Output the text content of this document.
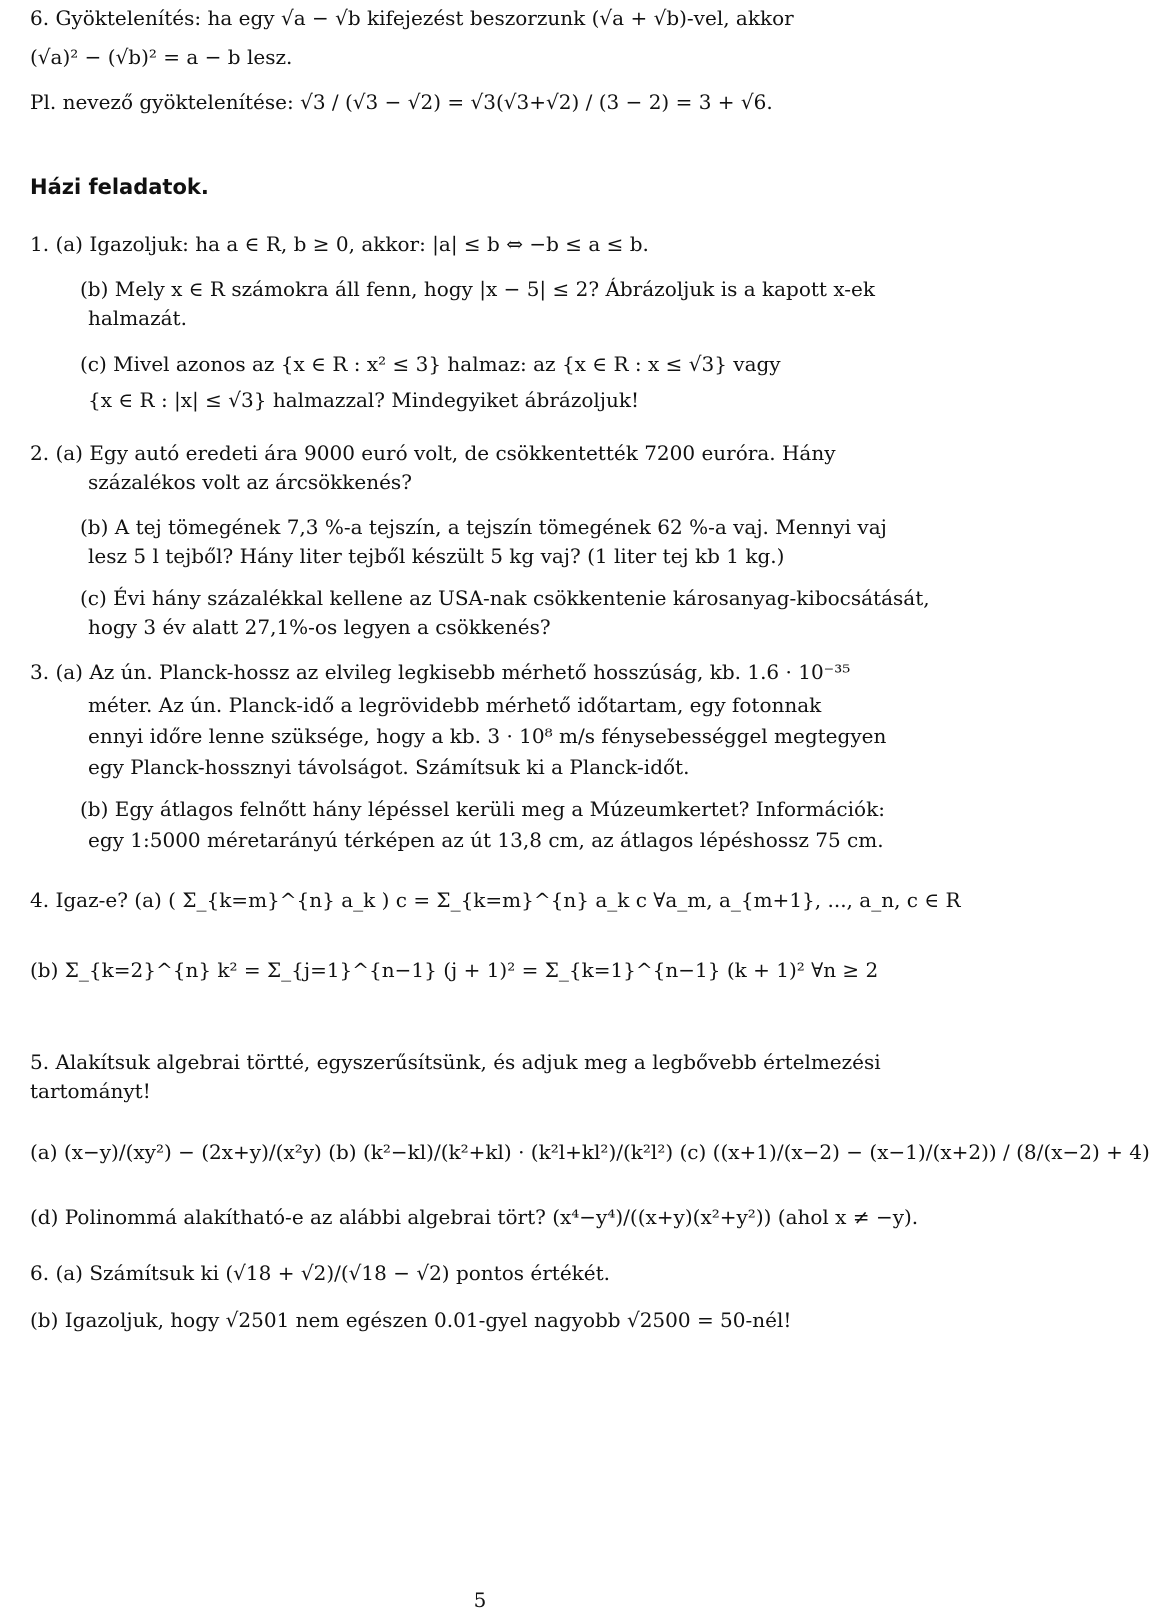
6. Gyöktelenítés: ha egy √a − √b kifejezést beszorzunk (√a + √b)-vel, akkor
(√a)² − (√b)² = a − b lesz.
Pl. nevező gyöktelenítése: √3 / (√3 − √2) = √3(√3+√2) / (3 − 2) = 3 + √6.
Házi feladatok.
1. (a) Igazoljuk: ha a ∈ R, b ≥ 0, akkor: |a| ≤ b ⇔ −b ≤ a ≤ b.
(b) Mely x ∈ R számokra áll fenn, hogy |x − 5| ≤ 2? Ábrázoljuk is a kapott x-ek
halmazát.
(c) Mivel azonos az {x ∈ R : x² ≤ 3} halmaz: az {x ∈ R : x ≤ √3} vagy
{x ∈ R : |x| ≤ √3} halmazzal? Mindegyiket ábrázoljuk!
2. (a) Egy autó eredeti ára 9000 euró volt, de csökkentették 7200 euróra. Hány
százalékos volt az árcsökkenés?
(b) A tej tömegének 7,3 %-a tejszín, a tejszín tömegének 62 %-a vaj. Mennyi vaj
lesz 5 l tejből? Hány liter tejből készült 5 kg vaj? (1 liter tej kb 1 kg.)
(c) Évi hány százalékkal kellene az USA-nak csökkentenie károsanyag-kibocsátását,
hogy 3 év alatt 27,1%-os legyen a csökkenés?
3. (a) Az ún. Planck-hossz az elvileg legkisebb mérhető hosszúság, kb. 1.6 · 10⁻³⁵
méter. Az ún. Planck-idő a legrövidebb mérhető időtartam, egy fotonnak
ennyi időre lenne szüksége, hogy a kb. 3 · 10⁸ m/s fénysebességgel megtegyen
egy Planck-hossznyi távolságot. Számítsuk ki a Planck-időt.
(b) Egy átlagos felnőtt hány lépéssel kerüli meg a Múzeumkertet? Információk:
egy 1:5000 méretarányú térképen az út 13,8 cm, az átlagos lépéshossz 75 cm.
4. Igaz-e? (a) ( Σ_{k=m}^{n} a_k ) c = Σ_{k=m}^{n} a_k c ∀a_m, a_{m+1}, ..., a_n, c ∈ R
(b) Σ_{k=2}^{n} k² = Σ_{j=1}^{n−1} (j + 1)² = Σ_{k=1}^{n−1} (k + 1)² ∀n ≥ 2
5. Alakítsuk algebrai törtté, egyszerűsítsünk, és adjuk meg a legbővebb értelmezési
tartományt!
(a) (x−y)/(xy²) − (2x+y)/(x²y) (b) (k²−kl)/(k²+kl) · (k²l+kl²)/(k²l²) (c) ((x+1)/(x−2) − (x−1)/(x+2)) / (8/(x−2) + 4)
(d) Polinommá alakítható-e az alábbi algebrai tört? (x⁴−y⁴)/((x+y)(x²+y²)) (ahol x ≠ −y).
6. (a) Számítsuk ki (√18 + √2)/(√18 − √2) pontos értékét.
(b) Igazoljuk, hogy √2501 nem egészen 0.01-gyel nagyobb √2500 = 50-nél!
5
